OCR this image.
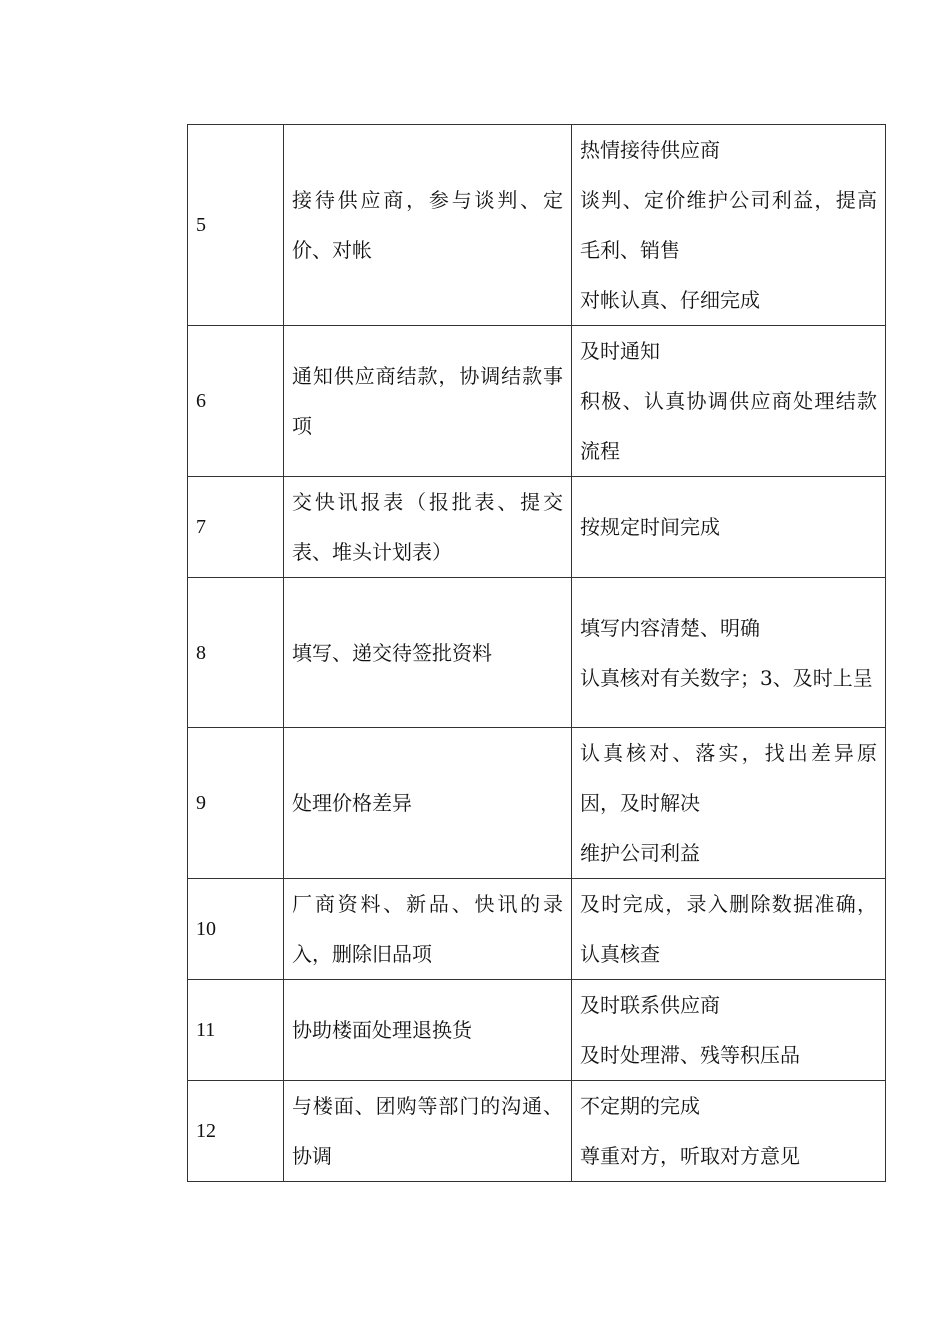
5	接待供应商，参与谈判、定价、对帐	热情接待供应商
谈判、定价维护公司利益，提高毛利、销售
对帐认真、仔细完成

6	通知供应商结款，协调结款事项	及时通知
积极、认真协调供应商处理结款流程

7	交快讯报表（报批表、提交表、堆头计划表）	按规定时间完成

8	填写、递交待签批资料	填写内容清楚、明确
认真核对有关数字；3、及时上呈

9	处理价格差异	认真核对、落实，找出差异原因，及时解决
维护公司利益

10	厂商资料、新品、快讯的录入，删除旧品项	及时完成，录入删除数据准确，认真核查

11	协助楼面处理退换货	及时联系供应商
及时处理滞、残等积压品

12	与楼面、团购等部门的沟通、协调	不定期的完成
尊重对方，听取对方意见
